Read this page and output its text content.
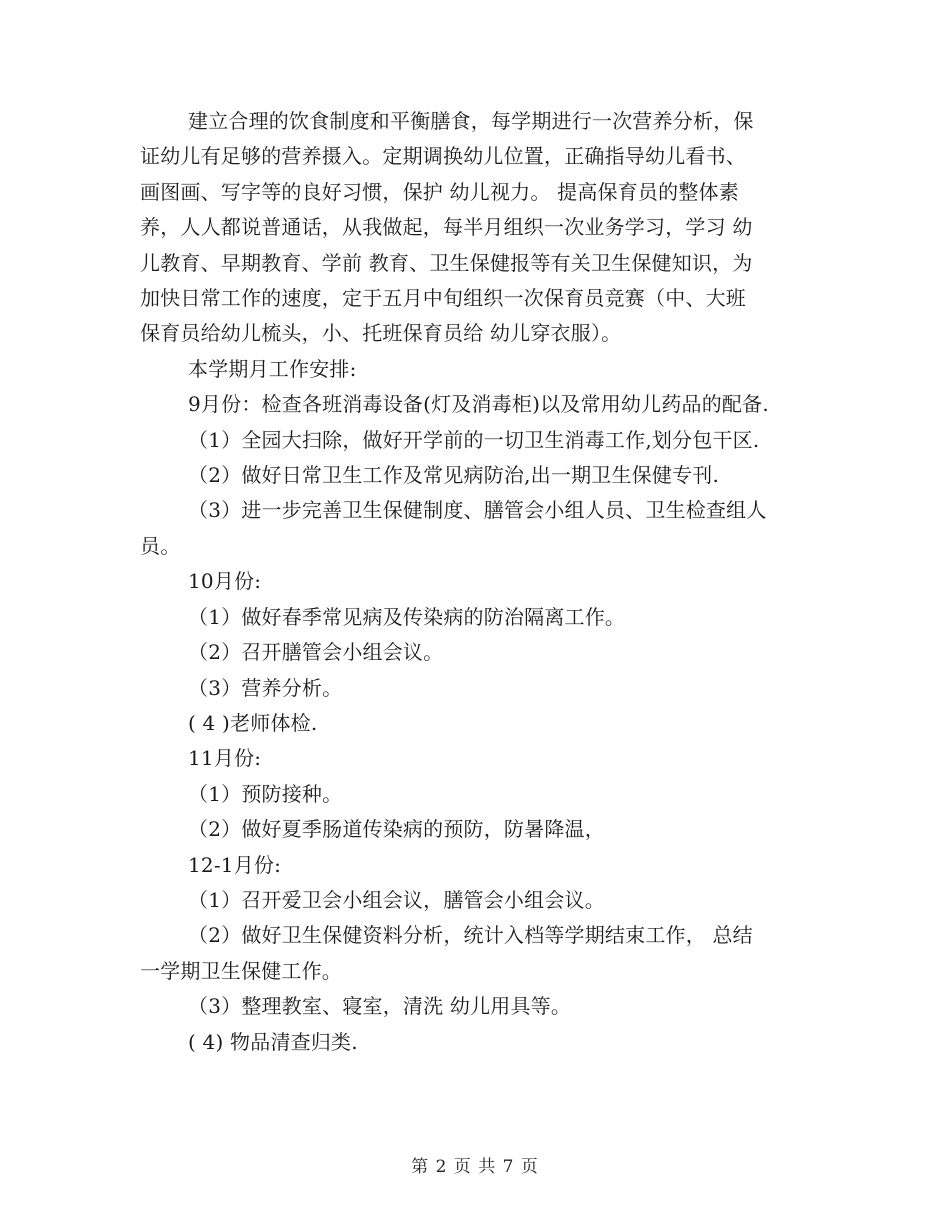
建立合理的饮食制度和平衡膳食，每学期进行一次营养分析，保

证幼儿有足够的营养摄入。定期调换幼儿位置，正确指导幼儿看书、

画图画、写字等的良好习惯，保护 幼儿视力。 提高保育员的整体素

养，人人都说普通话，从我做起，每半月组织一次业务学习，学习 幼

儿教育、早期教育、学前 教育、卫生保健报等有关卫生保健知识，为

加快日常工作的速度，定于五月中旬组织一次保育员竞赛（中、大班

保育员给幼儿梳头，小、托班保育员给 幼儿穿衣服）。

本学期月工作安排:

9月份：检查各班消毒设备(灯及消毒柜)以及常用幼儿药品的配备.

（1）全园大扫除，做好开学前的一切卫生消毒工作,划分包干区.

（2）做好日常卫生工作及常见病防治,出一期卫生保健专刊.

（3）进一步完善卫生保健制度、膳管会小组人员、卫生检查组人

员。

10月份:

（1）做好春季常见病及传染病的防治隔离工作。

（2）召开膳管会小组会议。

（3）营养分析。

( 4 )老师体检.

11月份:

（1）预防接种。

（2）做好夏季肠道传染病的预防，防暑降温，

12-1月份:

（1）召开爱卫会小组会议，膳管会小组会议。

（2）做好卫生保健资料分析，统计入档等学期结束工作， 总结

一学期卫生保健工作。

（3）整理教室、寝室，清洗 幼儿用具等。

( 4) 物品清查归类.

第 2 页 共 7 页
